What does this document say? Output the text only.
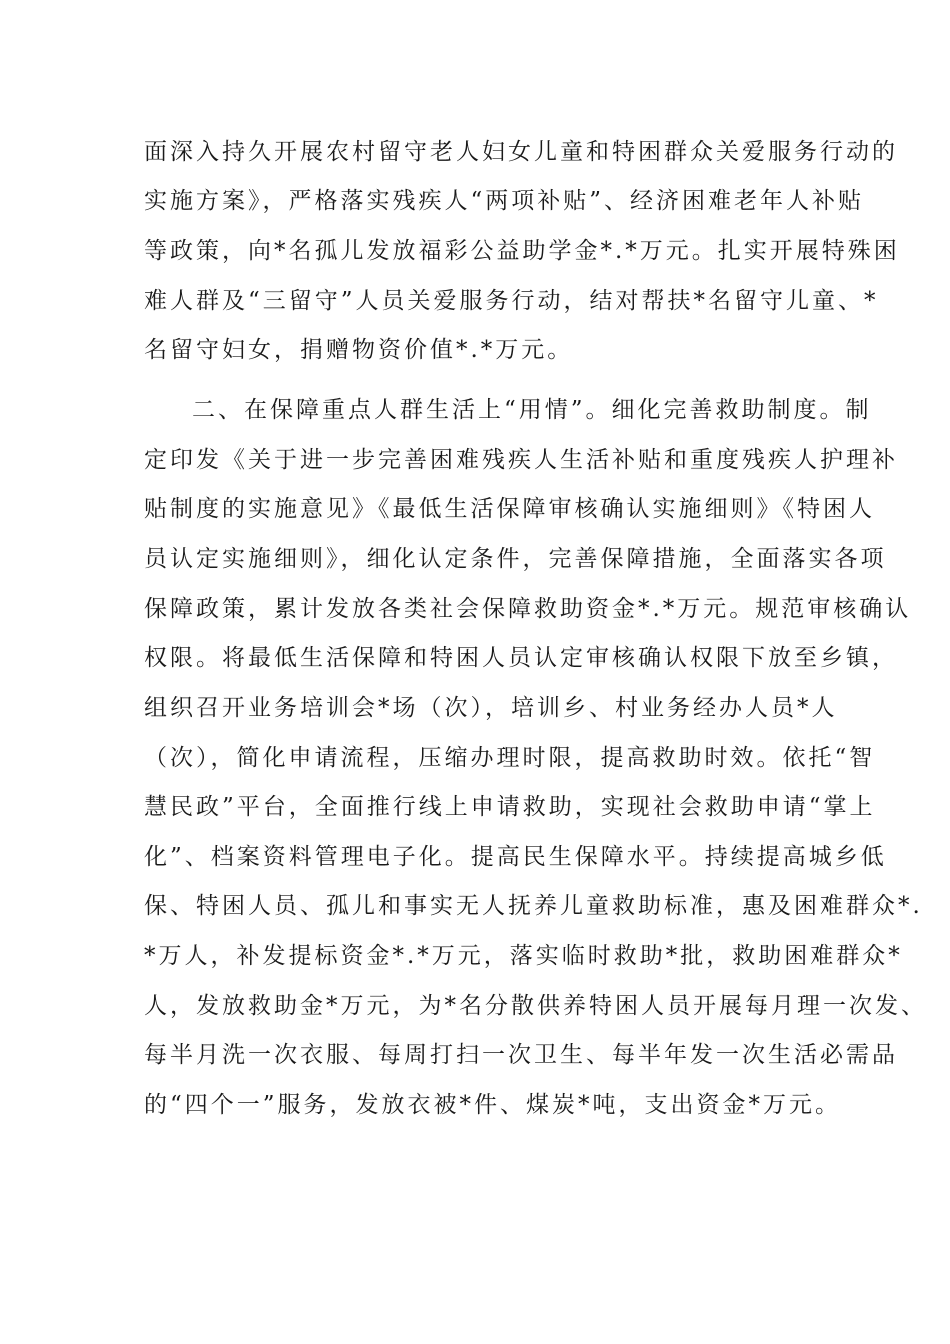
面深入持久开展农村留守老人妇女儿童和特困群众关爱服务行动的
实施方案》，严格落实残疾人“两项补贴”、经济困难老年人补贴
等政策，向*名孤儿发放福彩公益助学金*.*万元。扎实开展特殊困
难人群及“三留守”人员关爱服务行动，结对帮扶*名留守儿童、*
名留守妇女，捐赠物资价值*.*万元。
二、在保障重点人群生活上“用情”。细化完善救助制度。制
定印发《关于进一步完善困难残疾人生活补贴和重度残疾人护理补
贴制度的实施意见》《最低生活保障审核确认实施细则》《特困人
员认定实施细则》，细化认定条件，完善保障措施，全面落实各项
保障政策，累计发放各类社会保障救助资金*.*万元。规范审核确认
权限。将最低生活保障和特困人员认定审核确认权限下放至乡镇，
组织召开业务培训会*场（次），培训乡、村业务经办人员*人
（次），简化申请流程，压缩办理时限，提高救助时效。依托“智
慧民政”平台，全面推行线上申请救助，实现社会救助申请“掌上
化”、档案资料管理电子化。提高民生保障水平。持续提高城乡低
保、特困人员、孤儿和事实无人抚养儿童救助标准，惠及困难群众*.
*万人，补发提标资金*.*万元，落实临时救助*批，救助困难群众*
人，发放救助金*万元，为*名分散供养特困人员开展每月理一次发、
每半月洗一次衣服、每周打扫一次卫生、每半年发一次生活必需品
的“四个一”服务，发放衣被*件、煤炭*吨，支出资金*万元。
